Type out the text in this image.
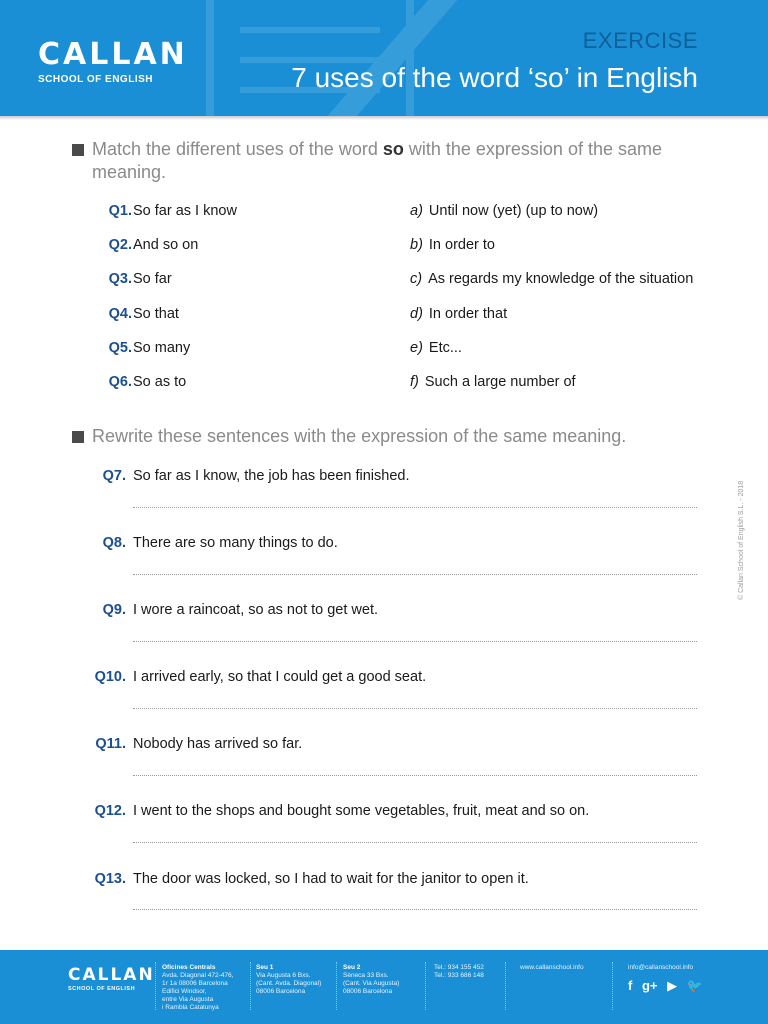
CALLAN
SCHOOL OF ENGLISH
EXERCISE
7 uses of the word ‘so’ in English
Match the different uses of the word so with the expression of the same meaning.
Q1. So far as I know	a) Until now (yet) (up to now)
Q2. And so on	b) In order to
Q3. So far	c) As regards my knowledge of the situation
Q4. So that	d) In order that
Q5. So many	e) Etc...
Q6. So as to	f) Such a large number of
Rewrite these sentences with the expression of the same meaning.
Q7. So far as I know, the job has been finished.
Q8. There are so many things to do.
Q9. I wore a raincoat, so as not to get wet.
Q10. I arrived early, so that I could get a good seat.
Q11. Nobody has arrived so far.
Q12. I went to the shops and bought some vegetables, fruit, meat and so on.
Q13. The door was locked, so I had to wait for the janitor to open it.
© Callan School of English S.L. - 2018
CALLAN
SCHOOL OF ENGLISH
Oficines Centrals
Avda. Diagonal 472-476,
1r 1a 08006 Barcelona
Edifici Windsor,
entre Via Augusta
i Rambla Catalunya
Seu 1
Via Augusta 6 Bxs.
(Cant. Avda. Diagonal)
08006 Barcelona
Seu 2
Sèneca 33 Bxs.
(Cant. Via Augusta)
08006 Barcelona
Tel.: 934 155 452
Tel.: 933 686 148
www.callanschool.info	info@callanschool.info
f g+ ▶ 🐦
